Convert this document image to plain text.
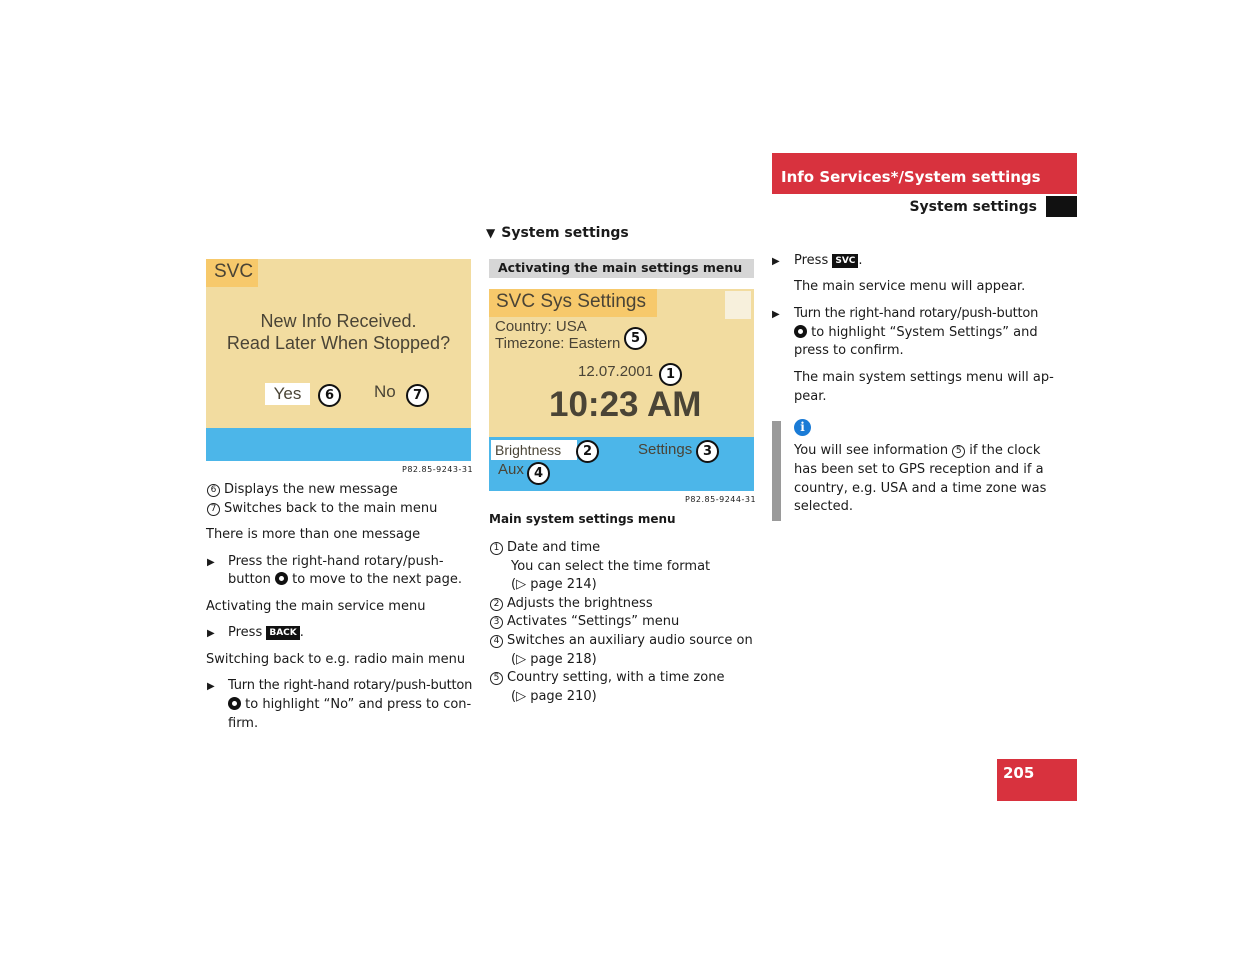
Info Services*/System settings
System settings
▼ System settings
Activating the main settings menu
SVC
New Info Received.
Read Later When Stopped?
Yes	6	No	7
P82.85-9243-31
SVC Sys Settings
Country: USA
Timezone: Eastern 5
12.07.2001 1
10:23 AM
Brightness	2	Settings 3
Aux 4
P82.85-9244-31
6 Displays the new message
7 Switches back to the main menu
There is more than one message
▶ Press the right-hand rotary/push-
button to move to the next page.
Activating the main service menu
▶ Press BACK .
Switching back to e.g. radio main menu
▶ Turn the right-hand rotary/push-button
to highlight “No” and press to con-
firm.
Main system settings menu
1 Date and time
You can select the time format
(▷ page 214)
2 Adjusts the brightness
3 Activates “Settings” menu
4 Switches an auxiliary audio source on
(▷ page 218)
5 Country setting, with a time zone
(▷ page 210)
▶ Press SVC .
The main service menu will appear.
▶ Turn the right-hand rotary/push-button
to highlight “System Settings” and
press to confirm.
The main system settings menu will ap-
pear.
i
You will see information 5 if the clock
has been set to GPS reception and if a
country, e.g. USA and a time zone was
selected.
205
